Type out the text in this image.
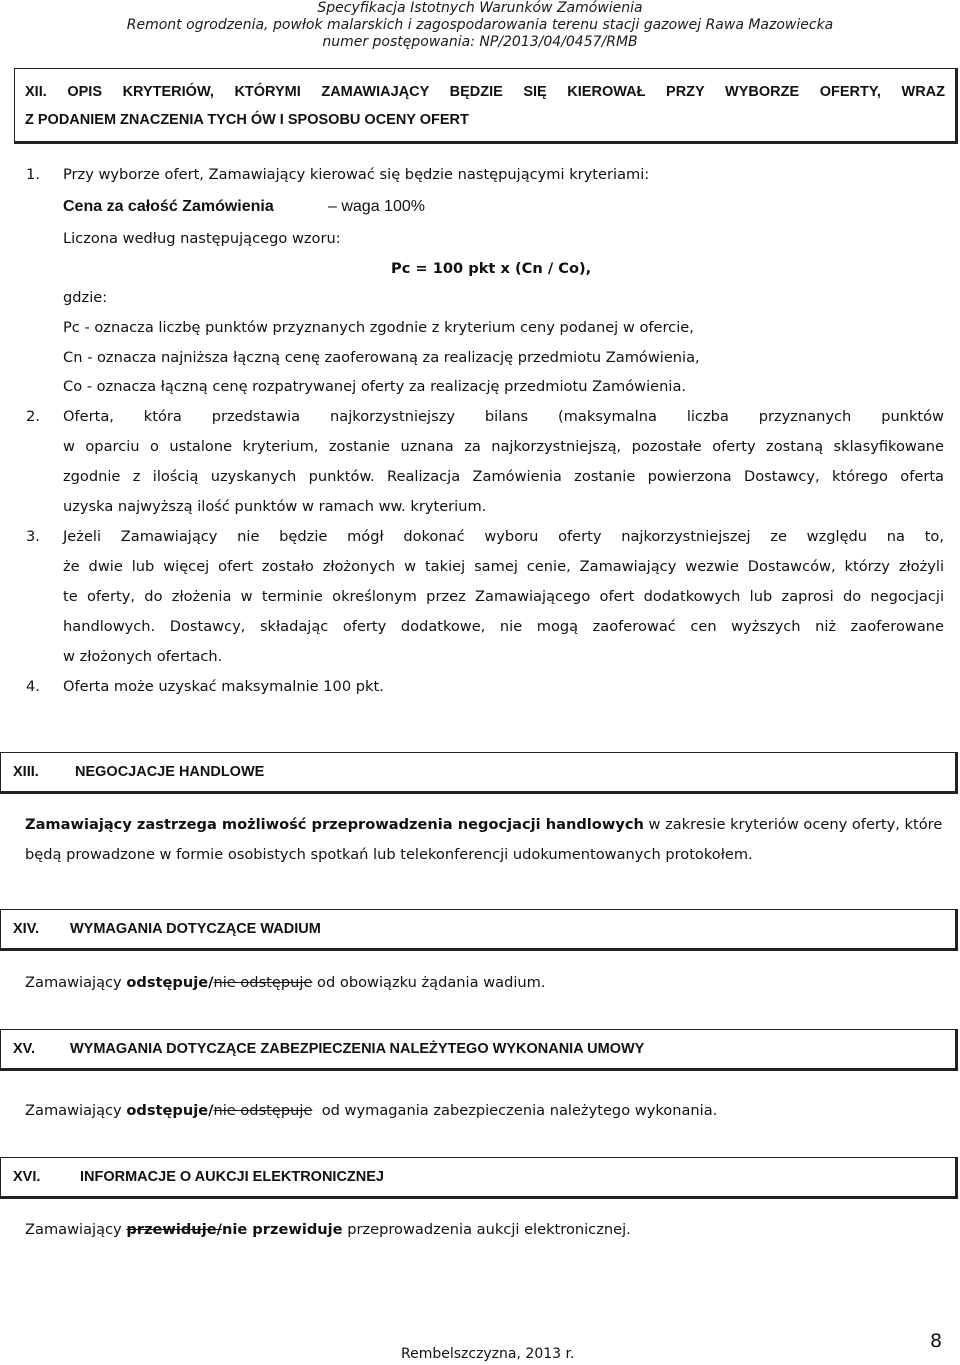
Specyfikacja Istotnych Warunków Zamówienia
Remont ogrodzenia, powłok malarskich i zagospodarowania terenu stacji gazowej Rawa Mazowiecka
numer postępowania: NP/2013/04/0457/RMB
XII.   OPIS   KRYTERIÓW,   KTÓRYMI   ZAMAWIAJĄCY   BĘDZIE   SIĘ   KIEROWAŁ   PRZY   WYBORZE   OFERTY,   WRAZ
Z PODANIEM ZNACZENIA TYCH ÓW I SPOSOBU OCENY OFERT
1. Przy wyborze ofert, Zamawiający kierować się będzie następującymi kryteriami:
Cena za całość Zamówienia	– waga 100%
Liczona według następującego wzoru:
Pc = 100 pkt x (Cn / Co),
gdzie:
Pc - oznacza liczbę punktów przyznanych zgodnie z kryterium ceny podanej w ofercie,
Cn - oznacza najniższa łączną cenę zaoferowaną za realizację przedmiotu Zamówienia,
Co - oznacza łączną cenę rozpatrywanej oferty za realizację przedmiotu Zamówienia.
2. Oferta, która przedstawia najkorzystniejszy bilans (maksymalna liczba przyznanych punktów
w oparciu o ustalone kryterium, zostanie uznana za najkorzystniejszą, pozostałe oferty zostaną sklasyfikowane
zgodnie z ilością uzyskanych punktów. Realizacja Zamówienia zostanie powierzona Dostawcy, którego oferta
uzyska najwyższą ilość punktów w ramach ww. kryterium.
3. Jeżeli Zamawiający nie będzie mógł dokonać wyboru oferty najkorzystniejszej ze względu na to,
że dwie lub więcej ofert zostało złożonych w takiej samej cenie, Zamawiający wezwie Dostawców, którzy złożyli
te oferty, do złożenia w terminie określonym przez Zamawiającego ofert dodatkowych lub zaprosi do negocjacji
handlowych. Dostawcy, składając oferty dodatkowe, nie mogą zaoferować cen wyższych niż zaoferowane
w złożonych ofertach.
4. Oferta może uzyskać maksymalnie 100 pkt.
XIII. NEGOCJACJE HANDLOWE
Zamawiający zastrzega możliwość przeprowadzenia negocjacji handlowych w zakresie kryteriów oceny oferty, które
będą prowadzone w formie osobistych spotkań lub telekonferencji udokumentowanych protokołem.
XIV. WYMAGANIA DOTYCZĄCE WADIUM
Zamawiający odstępuje/nie odstępuje od obowiązku żądania wadium.
XV. WYMAGANIA DOTYCZĄCE ZABEZPIECZENIA NALEŻYTEGO WYKONANIA UMOWY
Zamawiający odstępuje/nie odstępuje  od wymagania zabezpieczenia należytego wykonania.
XVI.	INFORMACJE O AUKCJI ELEKTRONICZNEJ
Zamawiający przewiduje/nie przewiduje przeprowadzenia aukcji elektronicznej.
Rembelszczyzna, 2013 r.
8
